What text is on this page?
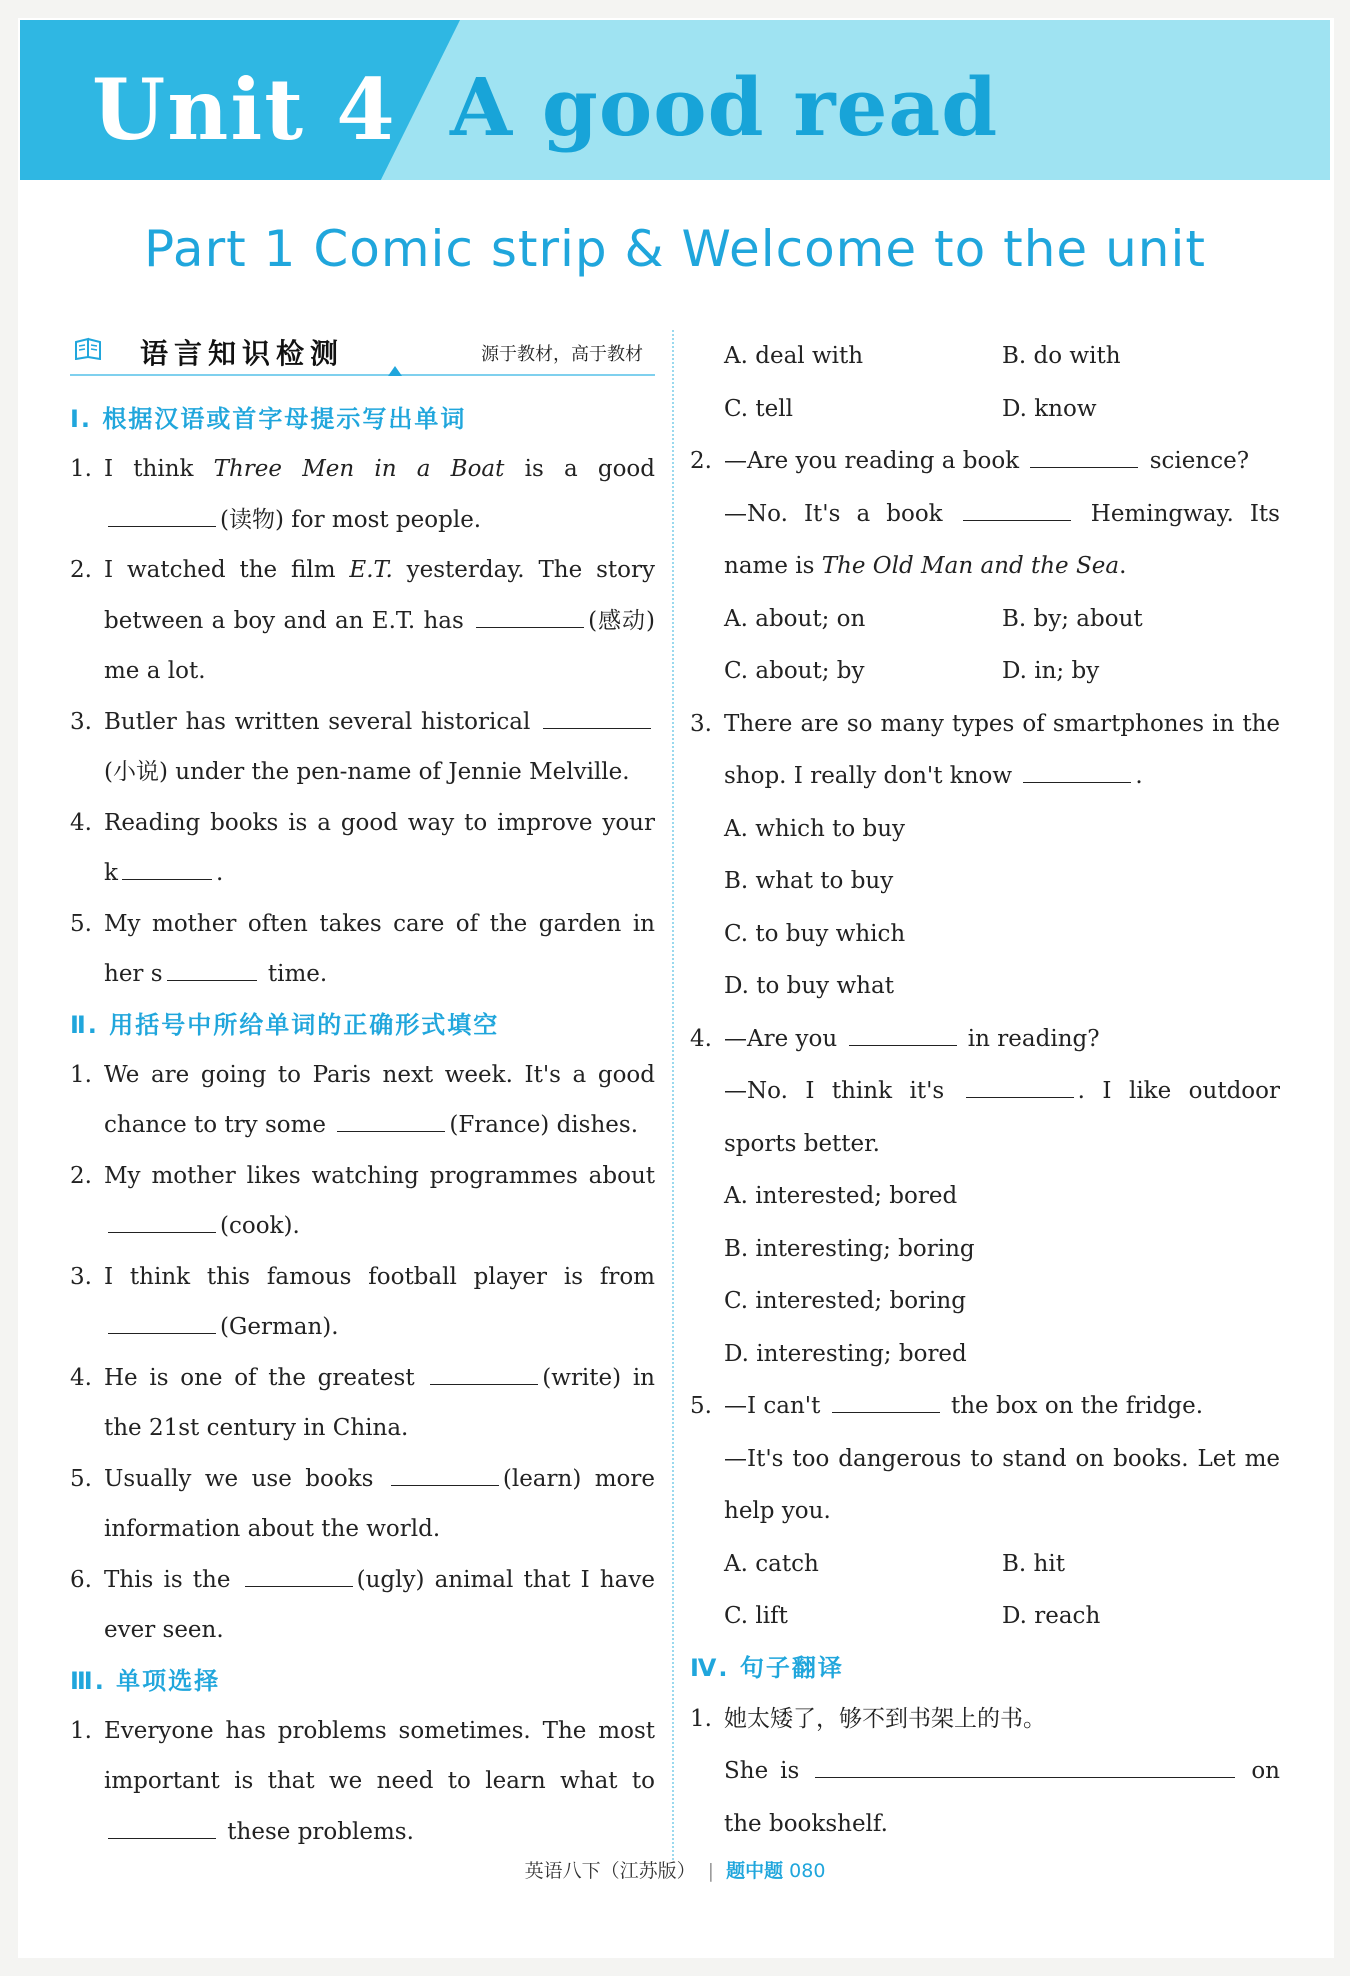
Unit 4 A good read
Part 1 Comic strip & Welcome to the unit
语言知识检测	源于教材，高于教材
Ⅰ. 根据汉语或首字母提示写出单词
1. I think Three Men in a Boat is a good (读物) for most people.
2. I watched the film E.T. yesterday. The story between a boy and an E.T. has	(感动) me a lot.
3. Butler has written several historical (小说) under the pen-name of Jennie Melville.
4. Reading books is a good way to improve your k	.
5. My mother often takes care of the garden in her s	time.
Ⅱ. 用括号中所给单词的正确形式填空
1. We are going to Paris next week. It's a good chance to try some	(France) dishes.
2. My mother likes watching programmes about (cook).
3. I think this famous football player is from (German).
4. He is one of the greatest	(write) in the 21st century in China.
5. Usually we use books	(learn) more information about the world.
6. This is the	(ugly) animal that I have ever seen.
Ⅲ. 单项选择
1. Everyone has problems sometimes. The most important is that we need to learn what to  these problems.
A. deal with	B. do with
C. tell	D. know
2. —Are you reading a book	science?
—No. It's a book	Hemingway. Its name is The Old Man and the Sea.
A. about; on	B. by; about
C. about; by	D. in; by
3. There are so many types of smartphones in the shop. I really don't know	.
A. which to buy
B. what to buy
C. to buy which
D. to buy what
4. —Are you	in reading?
—No. I think it's	. I like outdoor sports better.
A. interested; bored
B. interesting; boring
C. interested; boring
D. interesting; bored
5. —I can't	the box on the fridge.
—It's too dangerous to stand on books. Let me help you.
A. catch	B. hit
C. lift	D. reach
Ⅳ. 句子翻译
1. 她太矮了，够不到书架上的书。
She is	on the bookshelf.
英语八下（江苏版） | 题中题 080
